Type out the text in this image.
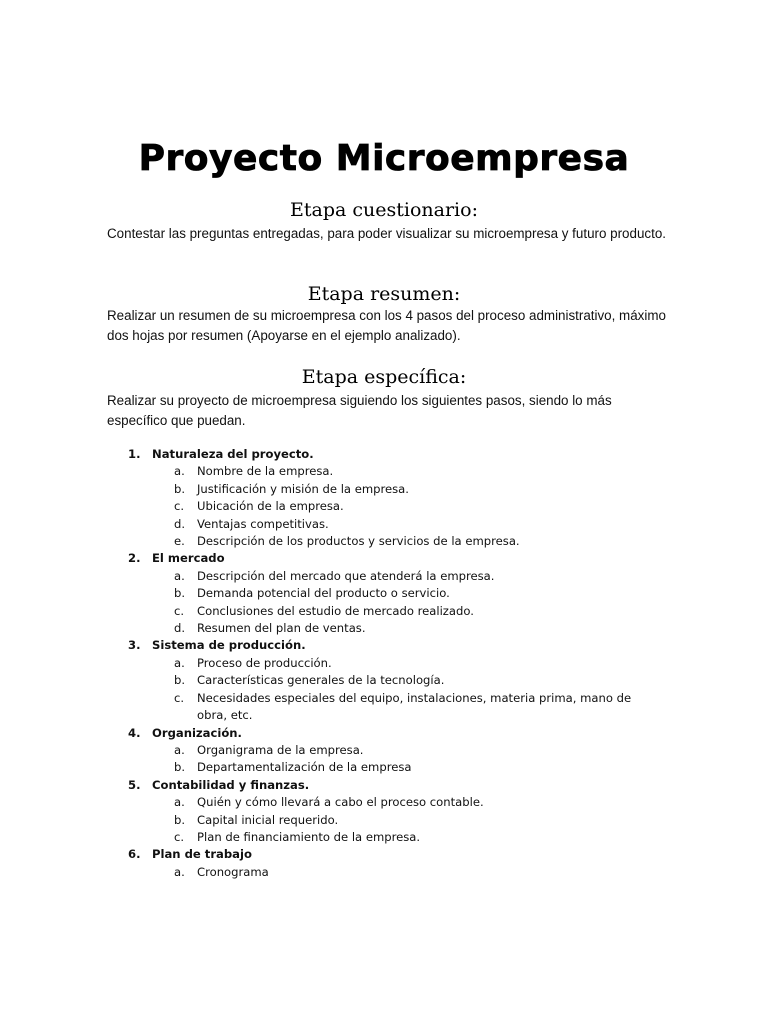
Proyecto Microempresa
Etapa cuestionario:
Contestar las preguntas entregadas, para poder visualizar su microempresa y futuro producto.
Etapa resumen:
Realizar un resumen de su microempresa con los 4 pasos del proceso administrativo, máximo dos hojas por resumen (Apoyarse en el ejemplo analizado).
Etapa específica:
Realizar su proyecto de microempresa siguiendo los siguientes pasos, siendo lo más específico que puedan.
1. Naturaleza del proyecto.
a.	Nombre de la empresa.
b.	Justificación y misión de la empresa.
c.	Ubicación de la empresa.
d.	Ventajas competitivas.
e.	Descripción de los productos y servicios de la empresa.
2. El mercado
a.	Descripción del mercado que atenderá la empresa.
b.	Demanda potencial del producto o servicio.
c.	Conclusiones del estudio de mercado realizado.
d.	Resumen del plan de ventas.
3. Sistema de producción.
a.	Proceso de producción.
b.	Características generales de la tecnología.
c.	Necesidades especiales del equipo, instalaciones, materia prima, mano de obra, etc.
4. Organización.
a.	Organigrama de la empresa.
b.	Departamentalización de la empresa
5. Contabilidad y finanzas.
a.	Quién y cómo llevará a cabo el proceso contable.
b.	Capital inicial requerido.
c.	Plan de financiamiento de la empresa.
6. Plan de trabajo
a.	Cronograma
